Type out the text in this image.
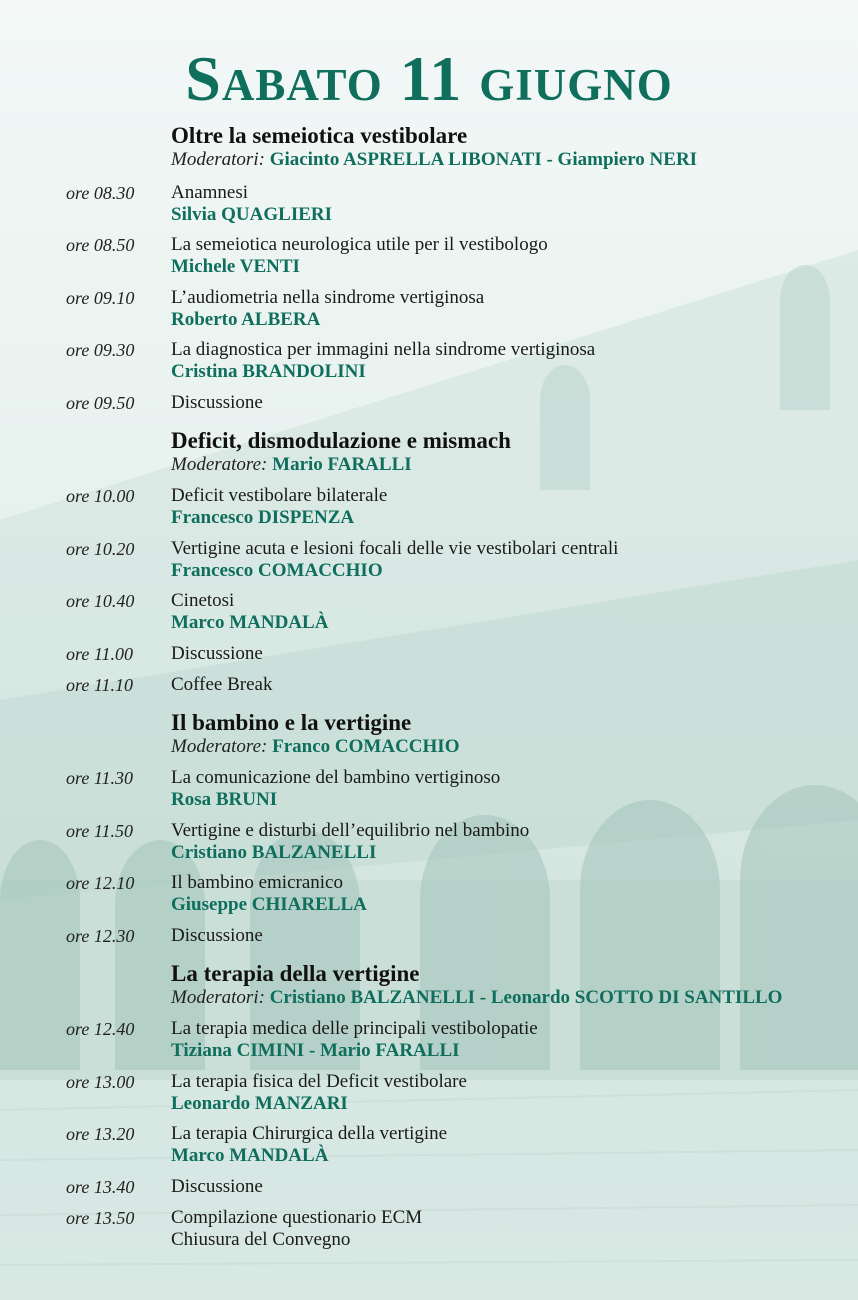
Sabato 11 giugno
Oltre la semeiotica vestibolare
Moderatori: Giacinto ASPRELLA LIBONATI - Giampiero NERI
ore 08.30	Anamnesi
Silvia QUAGLIERI
ore 08.50	La semeiotica neurologica utile per il vestibologo
Michele VENTI
ore 09.10	L’audiometria nella sindrome vertiginosa
Roberto ALBERA
ore 09.30	La diagnostica per immagini nella sindrome vertiginosa
Cristina BRANDOLINI
ore 09.50	Discussione
Deficit, dismodulazione e mismach
Moderatore: Mario FARALLI
ore 10.00	Deficit vestibolare bilaterale
Francesco DISPENZA
ore 10.20	Vertigine acuta e lesioni focali delle vie vestibolari centrali
Francesco COMACCHIO
ore 10.40	Cinetosi
Marco MANDALÀ
ore 11.00	Discussione
ore 11.10	Coffee Break
Il bambino e la vertigine
Moderatore: Franco COMACCHIO
ore 11.30	La comunicazione del bambino vertiginoso
Rosa BRUNI
ore 11.50	Vertigine e disturbi dell’equilibrio nel bambino
Cristiano BALZANELLI
ore 12.10	Il bambino emicranico
Giuseppe CHIARELLA
ore 12.30	Discussione
La terapia della vertigine
Moderatori: Cristiano BALZANELLI - Leonardo SCOTTO DI SANTILLO
ore 12.40	La terapia medica delle principali vestibolopatie
Tiziana CIMINI - Mario FARALLI
ore 13.00	La terapia fisica del Deficit vestibolare
Leonardo MANZARI
ore 13.20	La terapia Chirurgica della vertigine
Marco MANDALÀ
ore 13.40	Discussione
ore 13.50	Compilazione questionario ECM
Chiusura del Convegno
